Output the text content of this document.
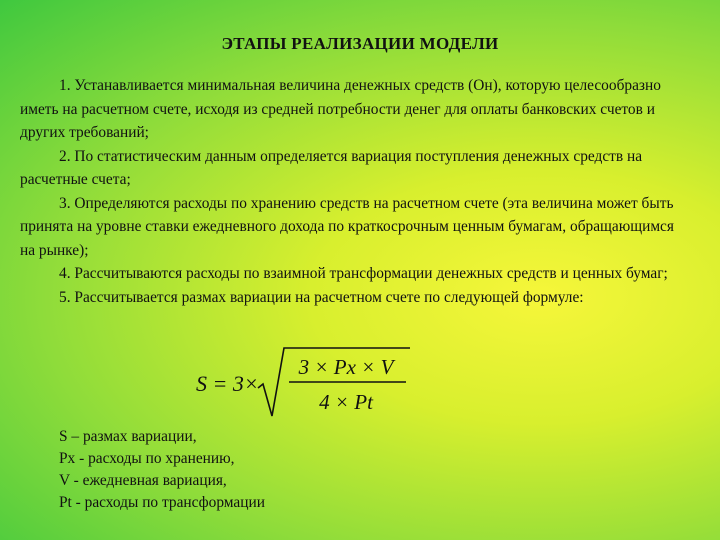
ЭТАПЫ РЕАЛИЗАЦИИ МОДЕЛИ

1. Устанавливается минимальная величина денежных средств (Он), которую целесообразно иметь на расчетном счете, исходя из средней потребности денег для оплаты банковских счетов и других требований;

2. По статистическим данным определяется вариация поступления денежных средств на расчетные счета;

3. Определяются расходы по хранению средств на расчетном счете (эта величина может быть принята на уровне ставки ежедневного дохода по краткосрочным ценным бумагам, обращающимся на рынке);

4. Рассчитываются расходы по взаимной трансформации денежных средств и ценных бумаг;

5. Рассчитывается размах вариации на расчетном счете по следующей формуле:

S = 3×
3 × Px × V
4 × Pt
S – размах вариации,
Px - расходы по хранению,
V - ежедневная вариация,
Pt - расходы по трансформации
